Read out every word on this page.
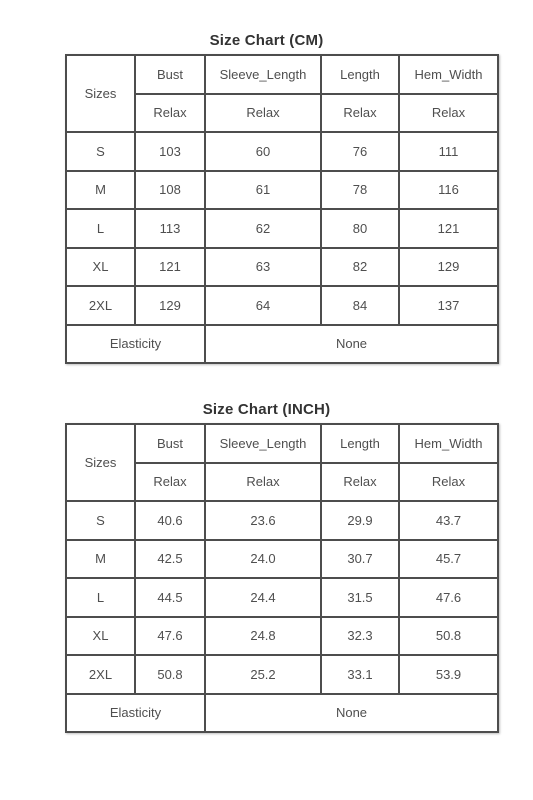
Size Chart (CM)
Sizes	Bust	Sleeve_Length	Length	Hem_Width
	Relax	Relax	Relax	Relax
S	103	60	76	111
M	108	61	78	116
L	113	62	80	121
XL	121	63	82	129
2XL	129	64	84	137
Elasticity		None		
Size Chart (INCH)
Sizes	Bust	Sleeve_Length	Length	Hem_Width
	Relax	Relax	Relax	Relax
S	40.6	23.6	29.9	43.7
M	42.5	24.0	30.7	45.7
L	44.5	24.4	31.5	47.6
XL	47.6	24.8	32.3	50.8
2XL	50.8	25.2	33.1	53.9
Elasticity		None		
